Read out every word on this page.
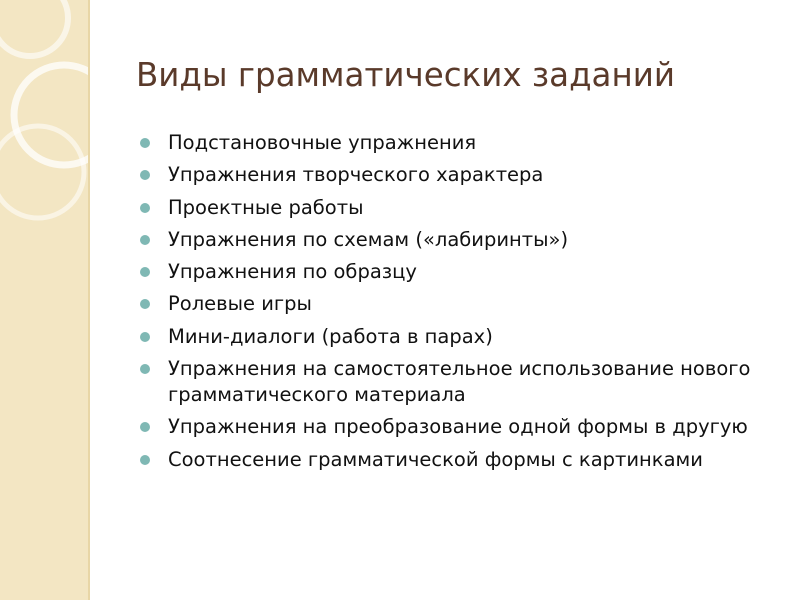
Виды грамматических заданий
Подстановочные упражнения
Упражнения творческого характера
Проектные работы
Упражнения по схемам («лабиринты»)
Упражнения по образцу
Ролевые игры
Мини-диалоги (работа в парах)
Упражнения на самостоятельное использование нового грамматического материала
Упражнения на преобразование одной формы в другую
Соотнесение грамматической формы с картинками
